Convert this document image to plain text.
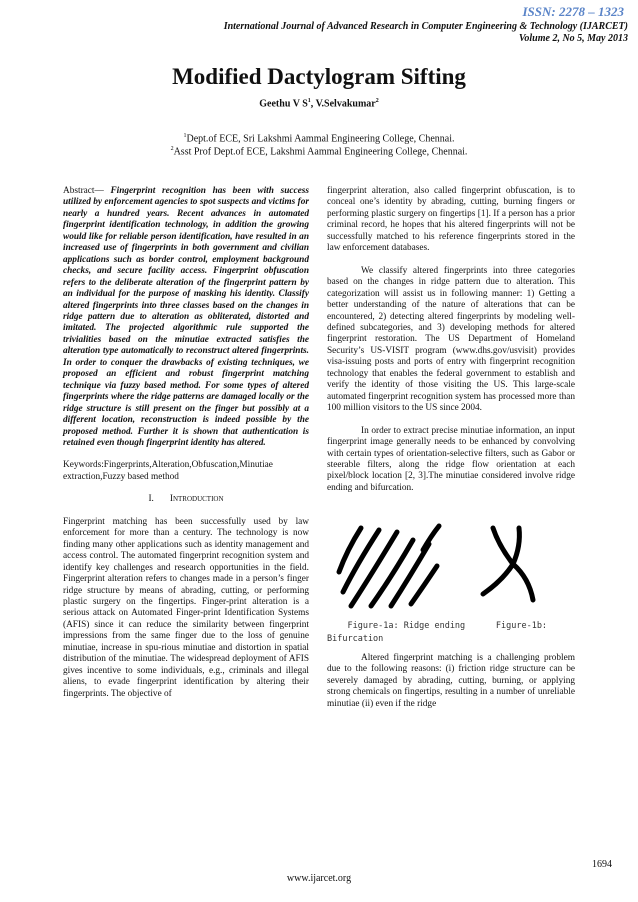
ISSN: 2278 – 1323
International Journal of Advanced Research in Computer Engineering & Technology (IJARCET)
Volume 2, No 5, May 2013
Modified Dactylogram Sifting
Geethu V $S^1$, V.Selvakumar$^2$
$^1$Dept.of ECE, Sri Lakshmi Aammal Engineering College, Chennai.
$^2$Asst Prof Dept.of ECE, Lakshmi Aammal Engineering College, Chennai.

Abstract— Fingerprint recognition has been with success utilized by enforcement agencies to spot suspects and victims for nearly a hundred years. Recent advances in automated fingerprint identification technology, in addition the growing would like for reliable person identification, have resulted in an increased use of fingerprints in both government and civilian applications such as border control, employment background checks, and secure facility access. Fingerprint obfuscation refers to the deliberate alteration of the fingerprint pattern by an individual for the purpose of masking his identity. Classify altered fingerprints into three classes based on the changes in ridge pattern due to alteration as obliterated, distorted and imitated. The projected algorithmic rule supported the trivialities based on the minutiae extracted satisfies the alteration type automatically to reconstruct altered fingerprints. In order to conquer the drawbacks of existing techniques, we proposed an efficient and robust fingerprint matching technique via fuzzy based method. For some types of altered fingerprints where the ridge patterns are damaged locally or the ridge structure is still present on the finger but possibly at a different location, reconstruction is indeed possible by the proposed method. Further it is shown that authentication is retained even though fingerprint identity has altered.

Keywords:Fingerprints,Alteration,Obfuscation,Minutiae extraction,Fuzzy based method

I. Introduction

Fingerprint matching has been successfully used by law enforcement for more than a century. The technology is now finding many other applications such as identity management and access control. The automated fingerprint recognition system and identify key challenges and research opportunities in the field. Fingerprint alteration refers to changes made in a person’s finger ridge structure by means of abrading, cutting, or performing plastic surgery on the fingertips. Finger-print alteration is a serious attack on Automated Finger-print Identification Systems (AFIS) since it can reduce the similarity between fingerprint impressions from the same finger due to the loss of genuine minutiae, increase in spu-rious minutiae and distortion in spatial distribution of the minutiae. The widespread deployment of AFIS gives incentive to some individuals, e.g., criminals and illegal aliens, to evade fingerprint identification by altering their fingerprints. The objective of

fingerprint alteration, also called fingerprint obfuscation, is to conceal one’s identity by abrading, cutting, burning fingers or performing plastic surgery on fingertips [1]. If a person has a prior criminal record, he hopes that his altered fingerprints will not be successfully matched to his reference fingerprints stored in the law enforcement databases.

We classify altered fingerprints into three categories based on the changes in ridge pattern due to alteration. This categorization will assist us in following manner: 1) Getting a better understanding of the nature of alterations that can be encountered, 2) detecting altered fingerprints by modeling well-defined subcategories, and 3) developing methods for altered fingerprint restoration. The US Department of Homeland Security’s US-VISIT program (www.dhs.gov/usvisit) provides visa-issuing posts and ports of entry with fingerprint recognition technology that enables the federal government to establish and verify the identity of those visiting the US. This large-scale automated fingerprint recognition system has processed more than 100 million visitors to the US since 2004.

In order to extract precise minutiae information, an input fingerprint image generally needs to be enhanced by convolving with certain types of orientation-selective filters, such as Gabor or steerable filters, along the ridge flow orientation at each pixel/block location [2, 3].The minutiae considered involve ridge ending and bifurcation.

Figure-1a: Ridge ending      Figure-1b:
Bifurcation

Altered fingerprint matching is a challenging problem due to the following reasons: (i) friction ridge structure can be severely damaged by abrading, cutting, burning, or applying strong chemicals on fingertips, resulting in a number of unreliable minutiae (ii) even if the ridge

1694
www.ijarcet.org
